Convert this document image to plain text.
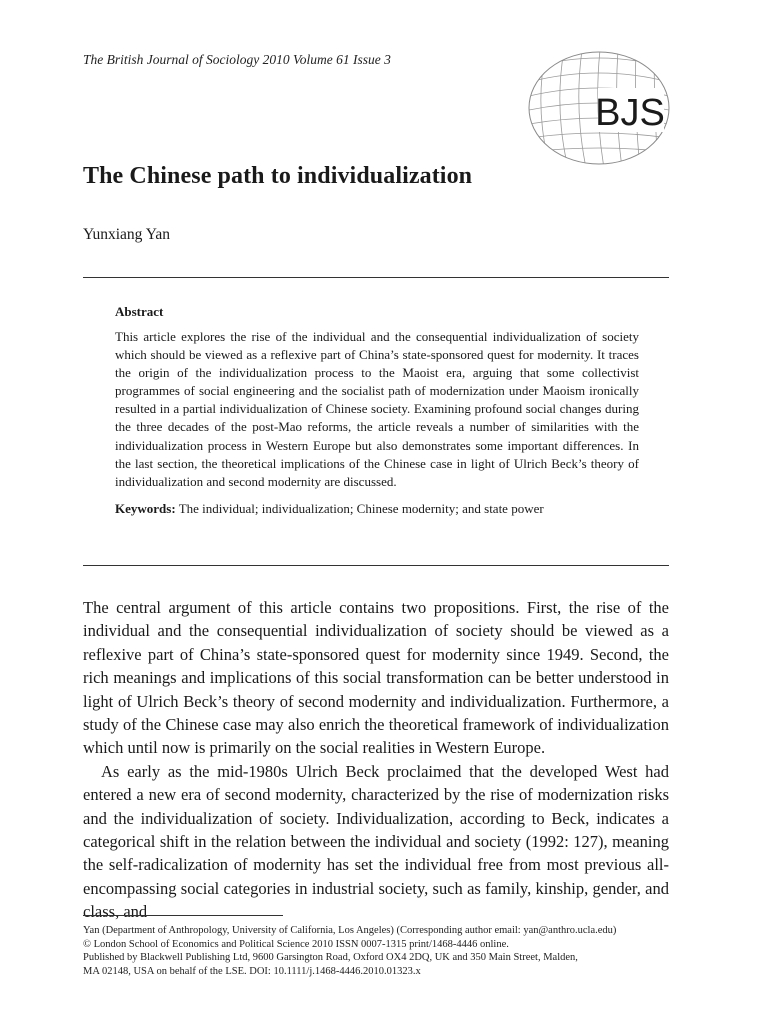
The British Journal of Sociology 2010 Volume 61 Issue 3
BJS
The Chinese path to individualization
Yunxiang Yan
Abstract

This article explores the rise of the individual and the consequential individualization of society which should be viewed as a reflexive part of China’s state-sponsored quest for modernity. It traces the origin of the individualization process to the Maoist era, arguing that some collectivist programmes of social engineering and the socialist path of modernization under Maoism ironically resulted in a partial individualization of Chinese society. Examining profound social changes during the three decades of the post-Mao reforms, the article reveals a number of similarities with the individualization process in Western Europe but also demonstrates some important differences. In the last section, the theoretical implications of the Chinese case in light of Ulrich Beck’s theory of individualization and second modernity are discussed.

Keywords: The individual; individualization; Chinese modernity; and state power

The central argument of this article contains two propositions. First, the rise of the individual and the consequential individualization of society should be viewed as a reflexive part of China’s state-sponsored quest for modernity since 1949. Second, the rich meanings and implications of this social transformation can be better understood in light of Ulrich Beck’s theory of second modernity and individualization. Furthermore, a study of the Chinese case may also enrich the theoretical framework of individualization which until now is primarily on the social realities in Western Europe.

As early as the mid-1980s Ulrich Beck proclaimed that the developed West had entered a new era of second modernity, characterized by the rise of modernization risks and the individualization of society. Individualization, according to Beck, indicates a categorical shift in the relation between the individual and society (1992: 127), meaning the self-radicalization of modernity has set the individual free from most previous all-encompassing social categories in industrial society, such as family, kinship, gender, and class, and

Yan (Department of Anthropology, University of California, Los Angeles) (Corresponding author email: yan@anthro.ucla.edu)
© London School of Economics and Political Science 2010 ISSN 0007-1315 print/1468-4446 online.
Published by Blackwell Publishing Ltd, 9600 Garsington Road, Oxford OX4 2DQ, UK and 350 Main Street, Malden,
MA 02148, USA on behalf of the LSE. DOI: 10.1111/j.1468-4446.2010.01323.x
